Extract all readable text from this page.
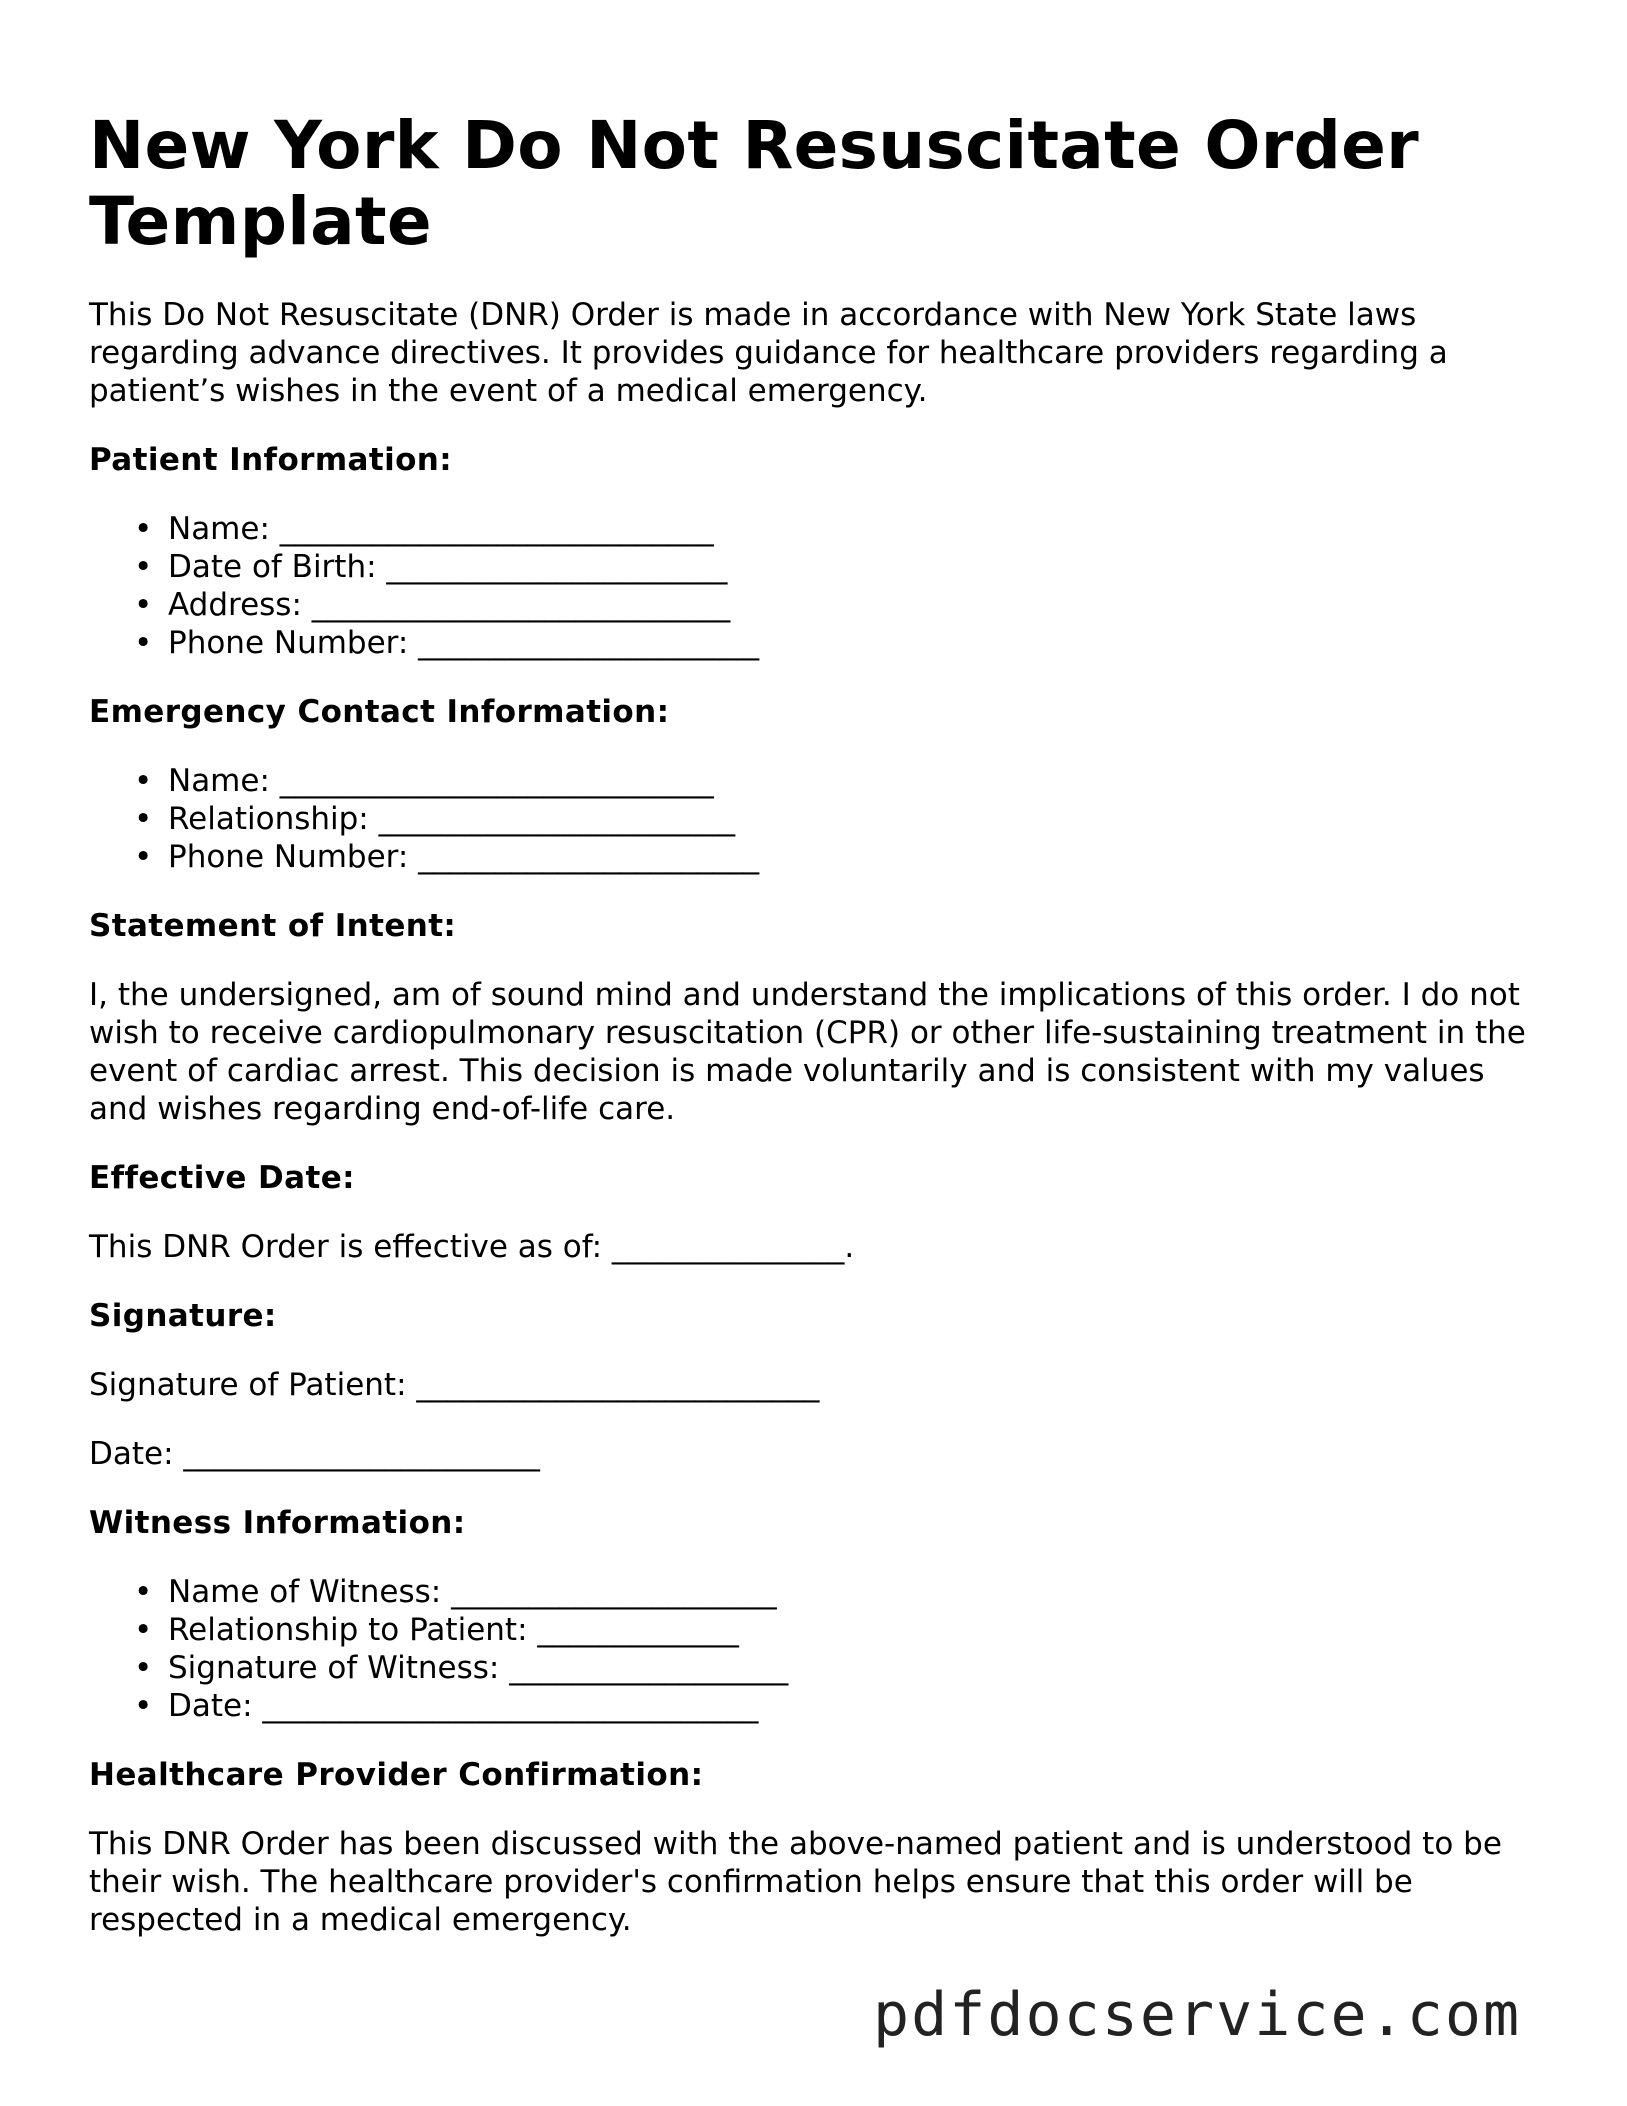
New York Do Not Resuscitate Order Template

This Do Not Resuscitate (DNR) Order is made in accordance with New York State laws regarding advance directives. It provides guidance for healthcare providers regarding a patient’s wishes in the event of a medical emergency.

Patient Information:
• Name: ____________________________
• Date of Birth: ______________________
• Address: ___________________________
• Phone Number: ______________________
Emergency Contact Information:
• Name: ____________________________
• Relationship: _______________________
• Phone Number: ______________________
Statement of Intent:

I, the undersigned, am of sound mind and understand the implications of this order. I do not wish to receive cardiopulmonary resuscitation (CPR) or other life-sustaining treatment in the event of cardiac arrest. This decision is made voluntarily and is consistent with my values and wishes regarding end-of-life care.

Effective Date:

This DNR Order is effective as of: _______________.

Signature:

Signature of Patient: __________________________

Date: _______________________

Witness Information:
• Name of Witness: _____________________
• Relationship to Patient: _____________
• Signature of Witness: __________________
• Date: ________________________________
Healthcare Provider Confirmation:

This DNR Order has been discussed with the above-named patient and is understood to be their wish. The healthcare provider's confirmation helps ensure that this order will be respected in a medical emergency.

pdfdocservice.com
